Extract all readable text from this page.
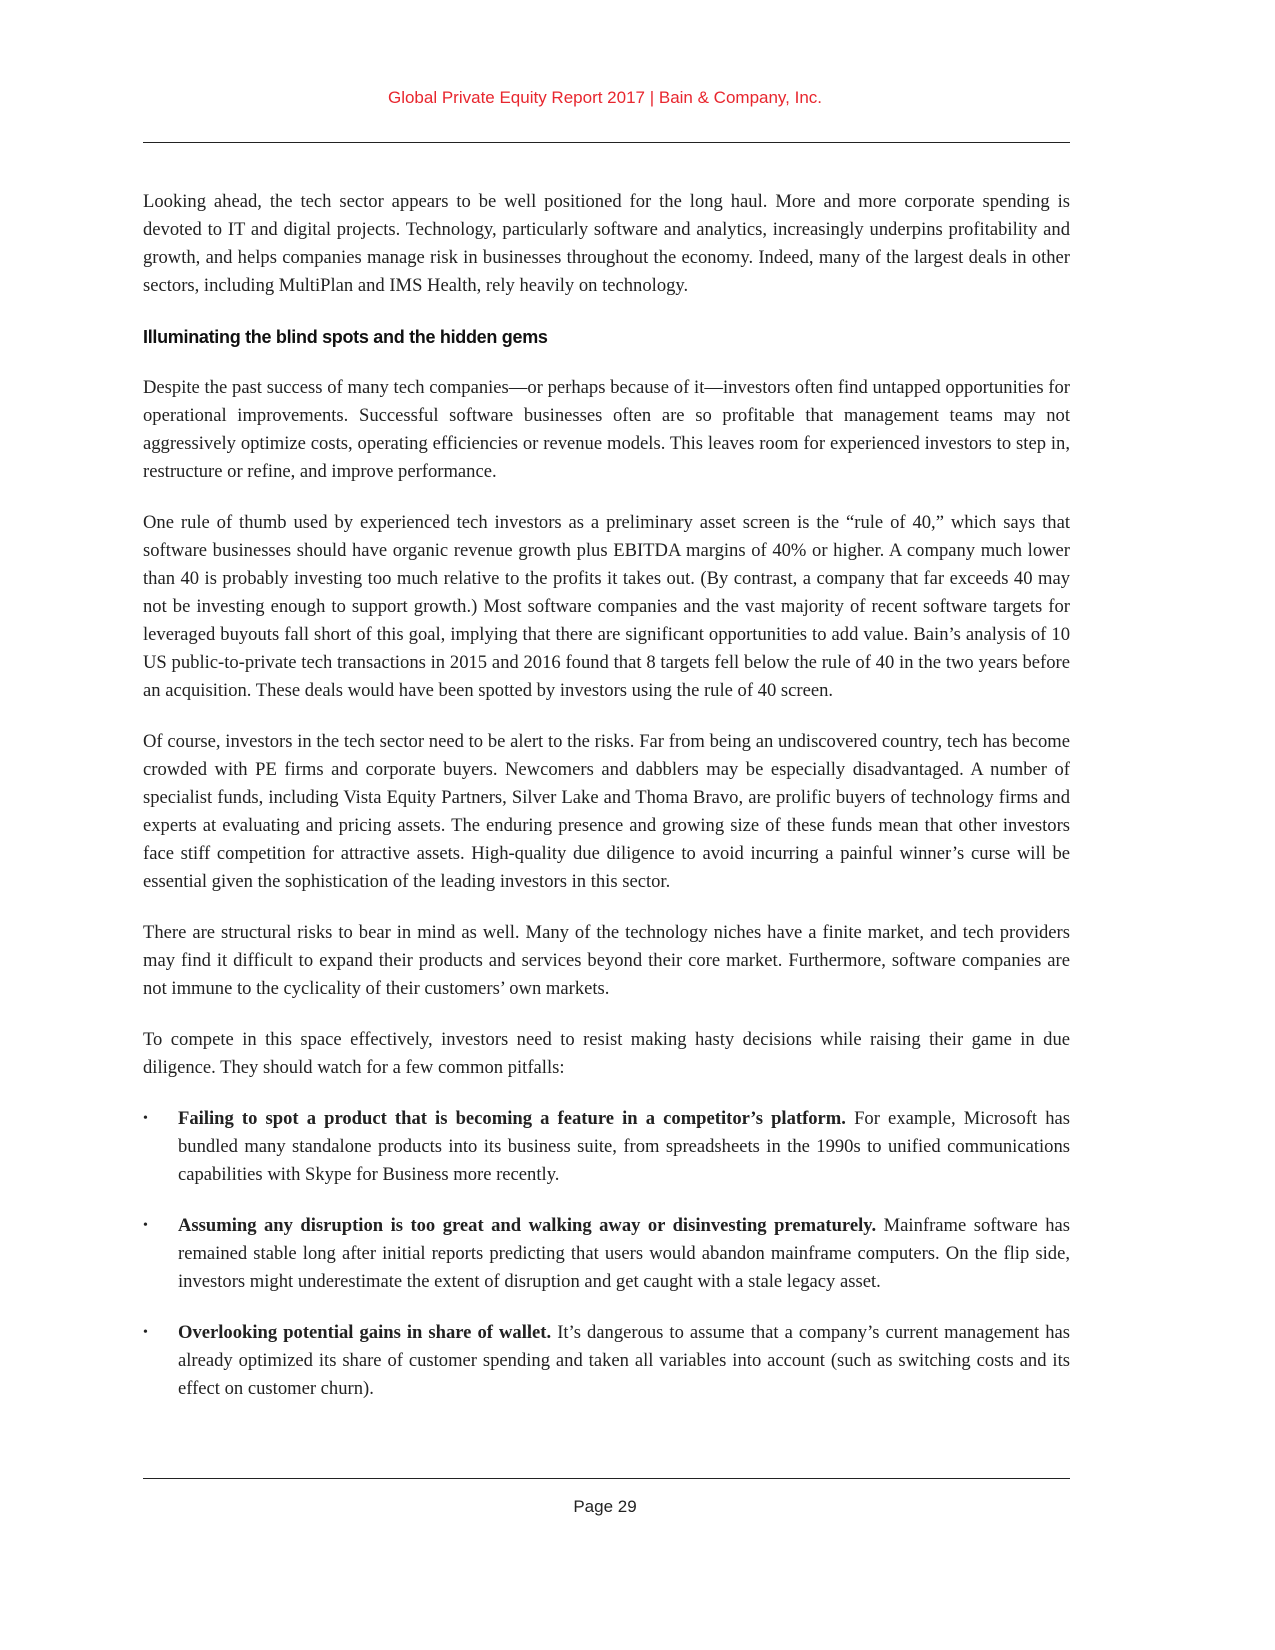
Global Private Equity Report 2017 | Bain & Company, Inc.

Looking ahead, the tech sector appears to be well positioned for the long haul. More and more corporate spending is devoted to IT and digital projects. Technology, particularly software and analytics, increasingly underpins profitability and growth, and helps companies manage risk in businesses throughout the economy. Indeed, many of the largest deals in other sectors, including MultiPlan and IMS Health, rely heavily on technology.

Illuminating the blind spots and the hidden gems

Despite the past success of many tech companies—or perhaps because of it—investors often find untapped opportunities for operational improvements. Successful software businesses often are so profitable that management teams may not aggressively optimize costs, operating efficiencies or revenue models. This leaves room for experienced investors to step in, restructure or refine, and improve performance.

One rule of thumb used by experienced tech investors as a preliminary asset screen is the “rule of 40,” which says that software businesses should have organic revenue growth plus EBITDA margins of 40% or higher. A company much lower than 40 is probably investing too much relative to the profits it takes out. (By contrast, a company that far exceeds 40 may not be investing enough to support growth.) Most software companies and the vast majority of recent software targets for leveraged buyouts fall short of this goal, implying that there are significant opportunities to add value. Bain’s analysis of 10 US public-to-private tech transactions in 2015 and 2016 found that 8 targets fell below the rule of 40 in the two years before an acquisition. These deals would have been spotted by investors using the rule of 40 screen.

Of course, investors in the tech sector need to be alert to the risks. Far from being an undiscovered country, tech has become crowded with PE firms and corporate buyers. Newcomers and dabblers may be especially disadvantaged. A number of specialist funds, including Vista Equity Partners, Silver Lake and Thoma Bravo, are prolific buyers of technology firms and experts at evaluating and pricing assets. The enduring presence and growing size of these funds mean that other investors face stiff competition for attractive assets. High-quality due diligence to avoid incurring a painful winner’s curse will be essential given the sophistication of the leading investors in this sector.

There are structural risks to bear in mind as well. Many of the technology niches have a finite market, and tech providers may find it difficult to expand their products and services beyond their core market. Furthermore, software companies are not immune to the cyclicality of their customers’ own markets.

To compete in this space effectively, investors need to resist making hasty decisions while raising their game in due diligence. They should watch for a few common pitfalls:

• Failing to spot a product that is becoming a feature in a competitor’s platform. For example, Microsoft has bundled many standalone products into its business suite, from spreadsheets in the 1990s to unified communications capabilities with Skype for Business more recently.
• Assuming any disruption is too great and walking away or disinvesting prematurely. Mainframe software has remained stable long after initial reports predicting that users would abandon mainframe computers. On the flip side, investors might underestimate the extent of disruption and get caught with a stale legacy asset.
• Overlooking potential gains in share of wallet. It’s dangerous to assume that a company’s current management has already optimized its share of customer spending and taken all variables into account (such as switching costs and its effect on customer churn).
Page 29
